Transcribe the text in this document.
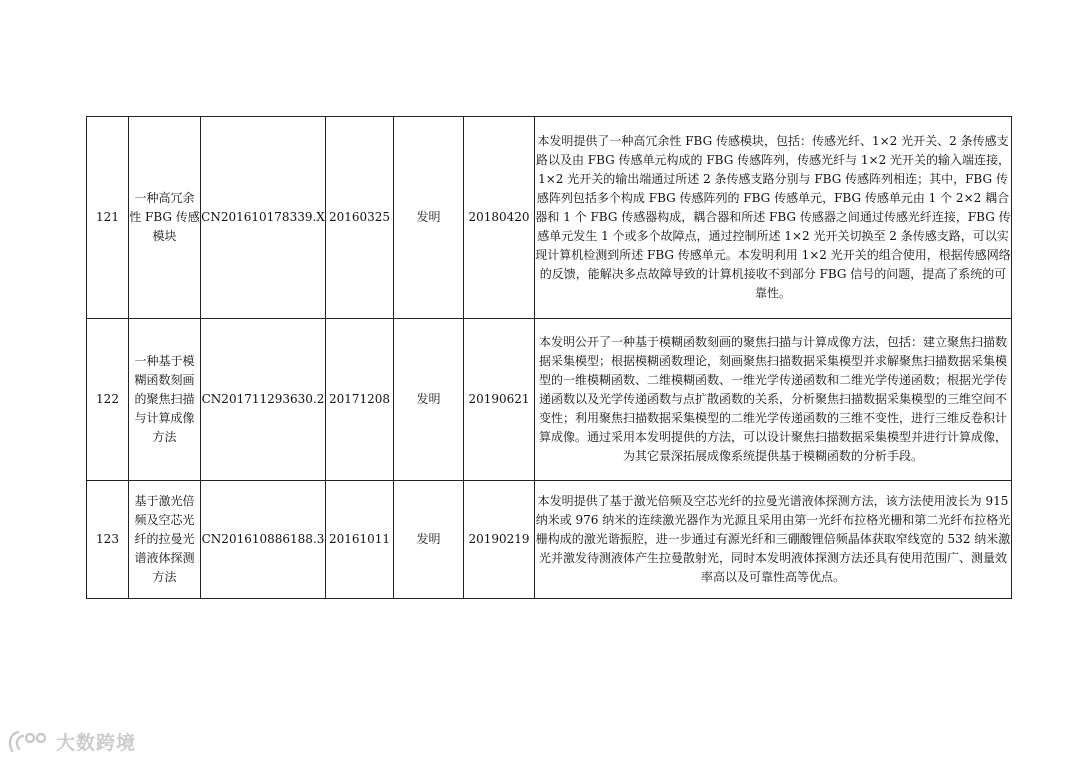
121	一种高冗余性 FBG 传感模块	CN201610178339.X	20160325	发明	20180420	本发明提供了一种高冗余性 FBG 传感模块，包括：传感光纤、1×2 光开关、2 条传感支路以及由 FBG 传感单元构成的 FBG 传感阵列，传感光纤与 1×2 光开关的输入端连接，1×2 光开关的输出端通过所述 2 条传感支路分别与 FBG 传感阵列相连；其中，FBG 传感阵列包括多个构成 FBG 传感阵列的 FBG 传感单元，FBG 传感单元由 1 个 2×2 耦合器和 1 个 FBG 传感器构成，耦合器和所述 FBG 传感器之间通过传感光纤连接，FBG 传感单元发生 1 个或多个故障点，通过控制所述 1×2 光开关切换至 2 条传感支路，可以实现计算机检测到所述 FBG 传感单元。本发明利用 1×2 光开关的组合使用，根据传感网络的反馈，能解决多点故障导致的计算机接收不到部分 FBG 信号的问题，提高了系统的可靠性。
122	一种基于模糊函数刻画的聚焦扫描与计算成像方法	CN201711293630.2	20171208	发明	20190621	本发明公开了一种基于模糊函数刻画的聚焦扫描与计算成像方法，包括：建立聚焦扫描数据采集模型；根据模糊函数理论，刻画聚焦扫描数据采集模型并求解聚焦扫描数据采集模型的一维模糊函数、二维模糊函数、一维光学传递函数和二维光学传递函数；根据光学传递函数以及光学传递函数与点扩散函数的关系，分析聚焦扫描数据采集模型的三维空间不变性；利用聚焦扫描数据采集模型的二维光学传递函数的三维不变性，进行三维反卷积计算成像。通过采用本发明提供的方法，可以设计聚焦扫描数据采集模型并进行计算成像，为其它景深拓展成像系统提供基于模糊函数的分析手段。
123	基于激光倍频及空芯光纤的拉曼光谱液体探测方法	CN201610886188.3	20161011	发明	20190219	本发明提供了基于激光倍频及空芯光纤的拉曼光谱液体探测方法，该方法使用波长为 915 纳米或 976 纳米的连续激光器作为光源且采用由第一光纤布拉格光栅和第二光纤布拉格光栅构成的激光谐振腔，进一步通过有源光纤和三硼酸锂倍频晶体获取窄线宽的 532 纳米激光并激发待测液体产生拉曼散射光，同时本发明液体探测方法还具有使用范围广、测量效率高以及可靠性高等优点。
大数跨境
